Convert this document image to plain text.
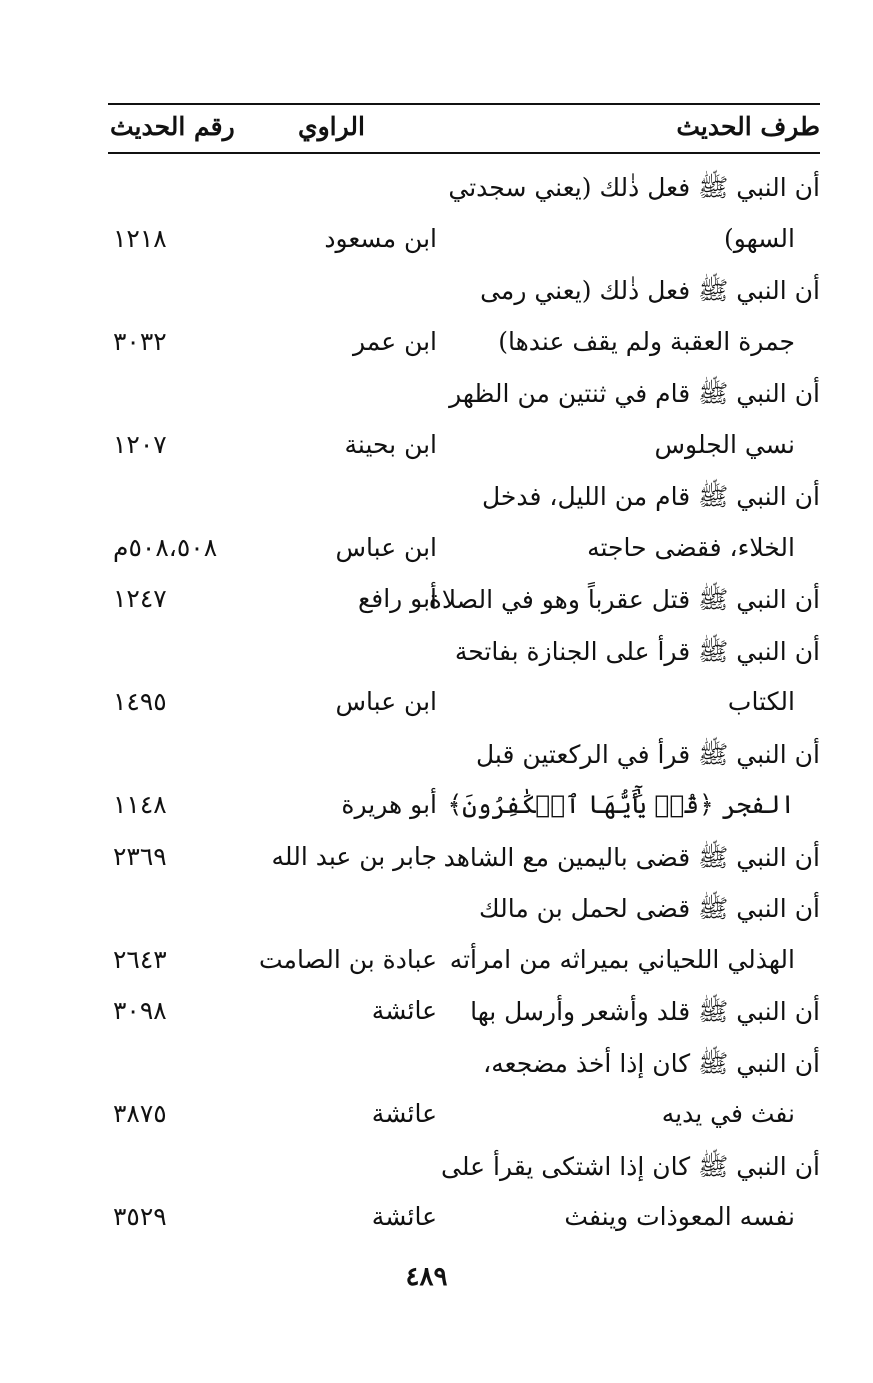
طرف الحديث
الراوي
رقم الحديث
أن النبي ﷺ فعل ذٰلك (يعني سجدتي
السهو)
ابن مسعود
١٢١٨
أن النبي ﷺ فعل ذٰلك (يعني رمى
جمرة العقبة ولم يقف عندها)
ابن عمر
٣٠٣٢
أن النبي ﷺ قام في ثنتين من الظهر
نسي الجلوس
ابن بحينة
١٢٠٧
أن النبي ﷺ قام من الليل، فدخل
الخلاء، فقضى حاجته
ابن عباس
٥٠٨،٥٠٨م
أن النبي ﷺ قتل عقرباً وهو في الصلاة
أبو رافع
١٢٤٧
أن النبي ﷺ قرأ على الجنازة بفاتحة
الكتاب
ابن عباس
١٤٩٥
أن النبي ﷺ قرأ في الركعتين قبل
الفجر ﴿قُلۡ يَٰٓأَيُّهَا ٱلۡكَٰفِرُونَ﴾
أبو هريرة
١١٤٨
أن النبي ﷺ قضى باليمين مع الشاهد
جابر بن عبد الله
٢٣٦٩
أن النبي ﷺ قضى لحمل بن مالك
الهذلي اللحياني بميراثه من امرأته
عبادة بن الصامت
٢٦٤٣
أن النبي ﷺ قلد وأشعر وأرسل بها
عائشة
٣٠٩٨
أن النبي ﷺ كان إذا أخذ مضجعه،
نفث في يديه
عائشة
٣٨٧٥
أن النبي ﷺ كان إذا اشتكى يقرأ على
نفسه المعوذات وينفث
عائشة
٣٥٢٩
٤٨٩
